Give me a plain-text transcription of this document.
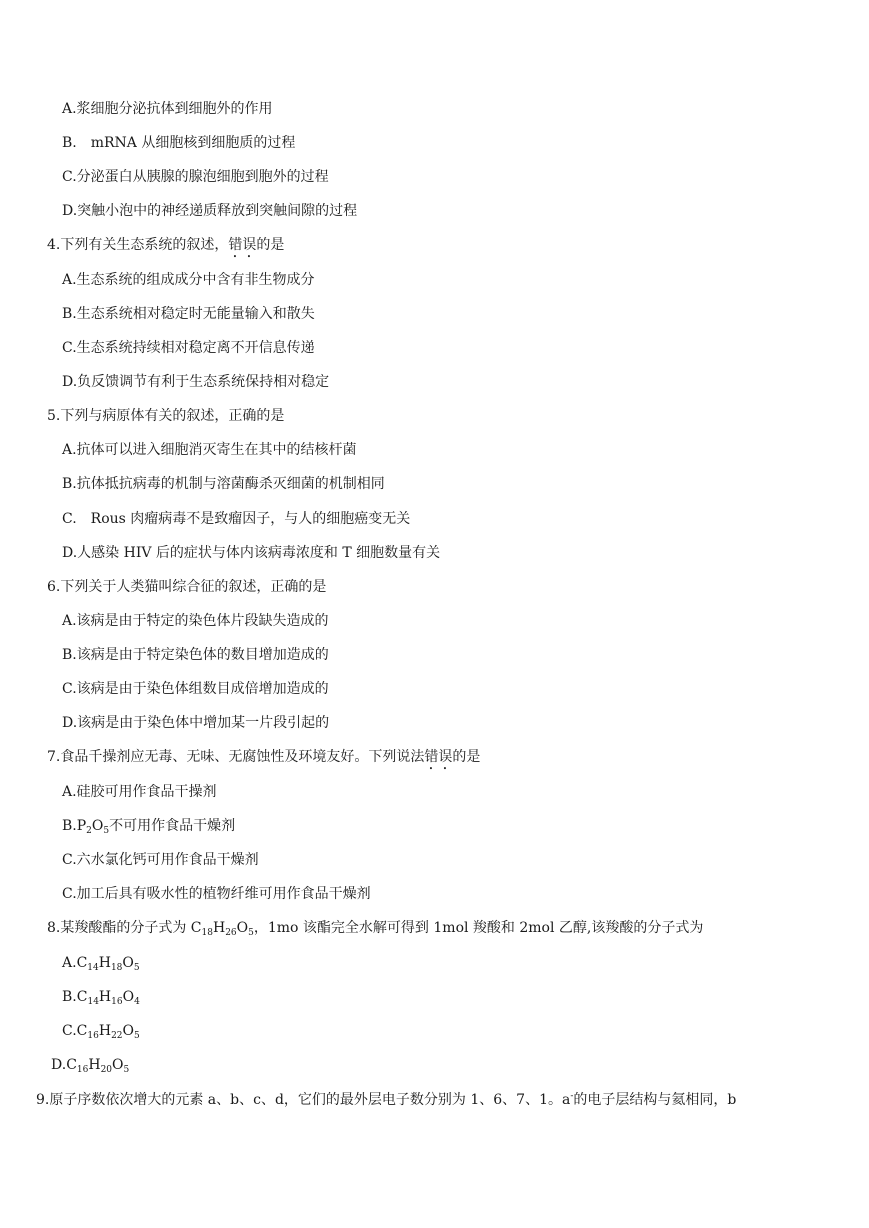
A.浆细胞分泌抗体到细胞外的作用
B.　mRNA 从细胞核到细胞质的过程
C.分泌蛋白从胰腺的腺泡细胞到胞外的过程
D.突触小泡中的神经递质释放到突触间隙的过程
4.下列有关生态系统的叙述，错误的是
A.生态系统的组成成分中含有非生物成分
B.生态系统相对稳定时无能量输入和散失
C.生态系统持续相对稳定离不开信息传递
D.负反馈调节有利于生态系统保持相对稳定
5.下列与病原体有关的叙述，正确的是
A.抗体可以进入细胞消灭寄生在其中的结核杆菌
B.抗体抵抗病毒的机制与溶菌酶杀灭细菌的机制相同
C.　Rous 肉瘤病毒不是致瘤因子，与人的细胞癌变无关
D.人感染 HIV 后的症状与体内该病毒浓度和 T 细胞数量有关
6.下列关于人类猫叫综合征的叙述，正确的是
A.该病是由于特定的染色体片段缺失造成的
B.该病是由于特定染色体的数目增加造成的
C.该病是由于染色体组数目成倍增加造成的
D.该病是由于染色体中增加某一片段引起的
7.食品千操剂应无毒、无味、无腐蚀性及环境友好。下列说法错误的是
A.硅胶可用作食品干操剂
$B.P_2O_5$不可用作食品干燥剂
C.六水氯化钙可用作食品干燥剂
C.加工后具有吸水性的植物纤维可用作食品干燥剂
8.某羧酸酯的分子式为 $C_{18}H_{26}O_5$，1mo 该酯完全水解可得到 1mol 羧酸和 2mol 乙醇,该羧酸的分子式为
$A.C_{14}H_{18}O_5$
$B.C_{14}H_{16}O_4$
$C.C_{16}H_{22}O_5$
$D.C_{16}H_{20}O_5$
9.原子序数依次增大的元素 a、b、c、d，它们的最外层电子数分别为 1、6、7、1。a-的电子层结构与氦相同，b
